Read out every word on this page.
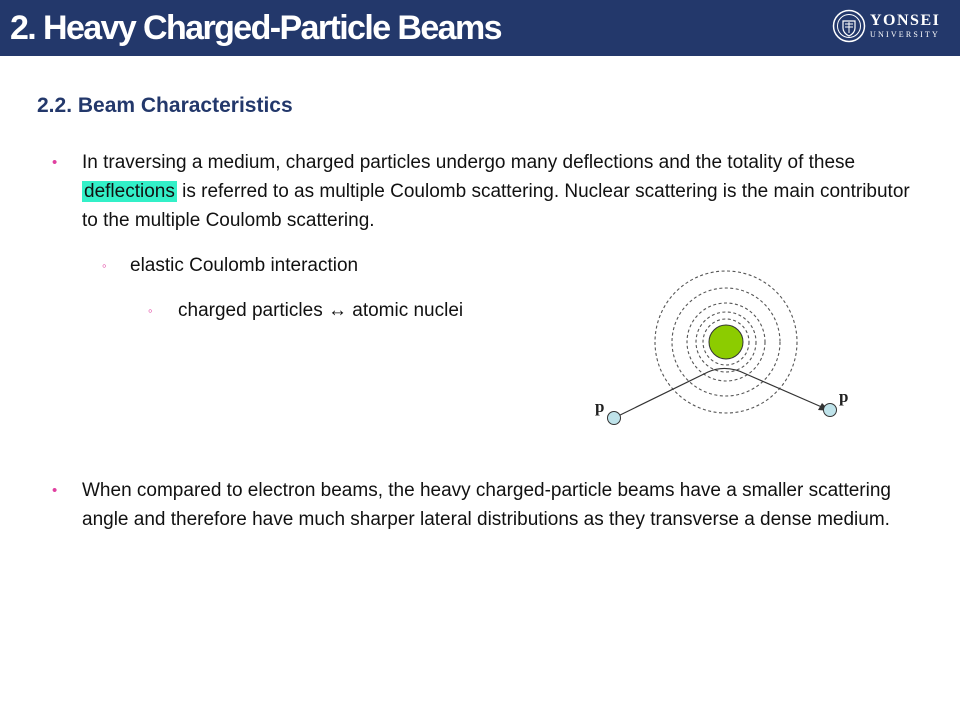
2. Heavy Charged-Particle Beams	YONSEI
UNIVERSITY
2.2. Beam Characteristics
• In traversing a medium, charged particles undergo many deflections and the totality of these deflections is referred to as multiple Coulomb scattering. Nuclear scattering is the main contributor to the multiple Coulomb scattering.
◦ elastic Coulomb interaction
◦ charged particles ↔ atomic nuclei
p
p
• When compared to electron beams, the heavy charged-particle beams have a smaller scattering angle and therefore have much sharper lateral distributions as they transverse a dense medium.
